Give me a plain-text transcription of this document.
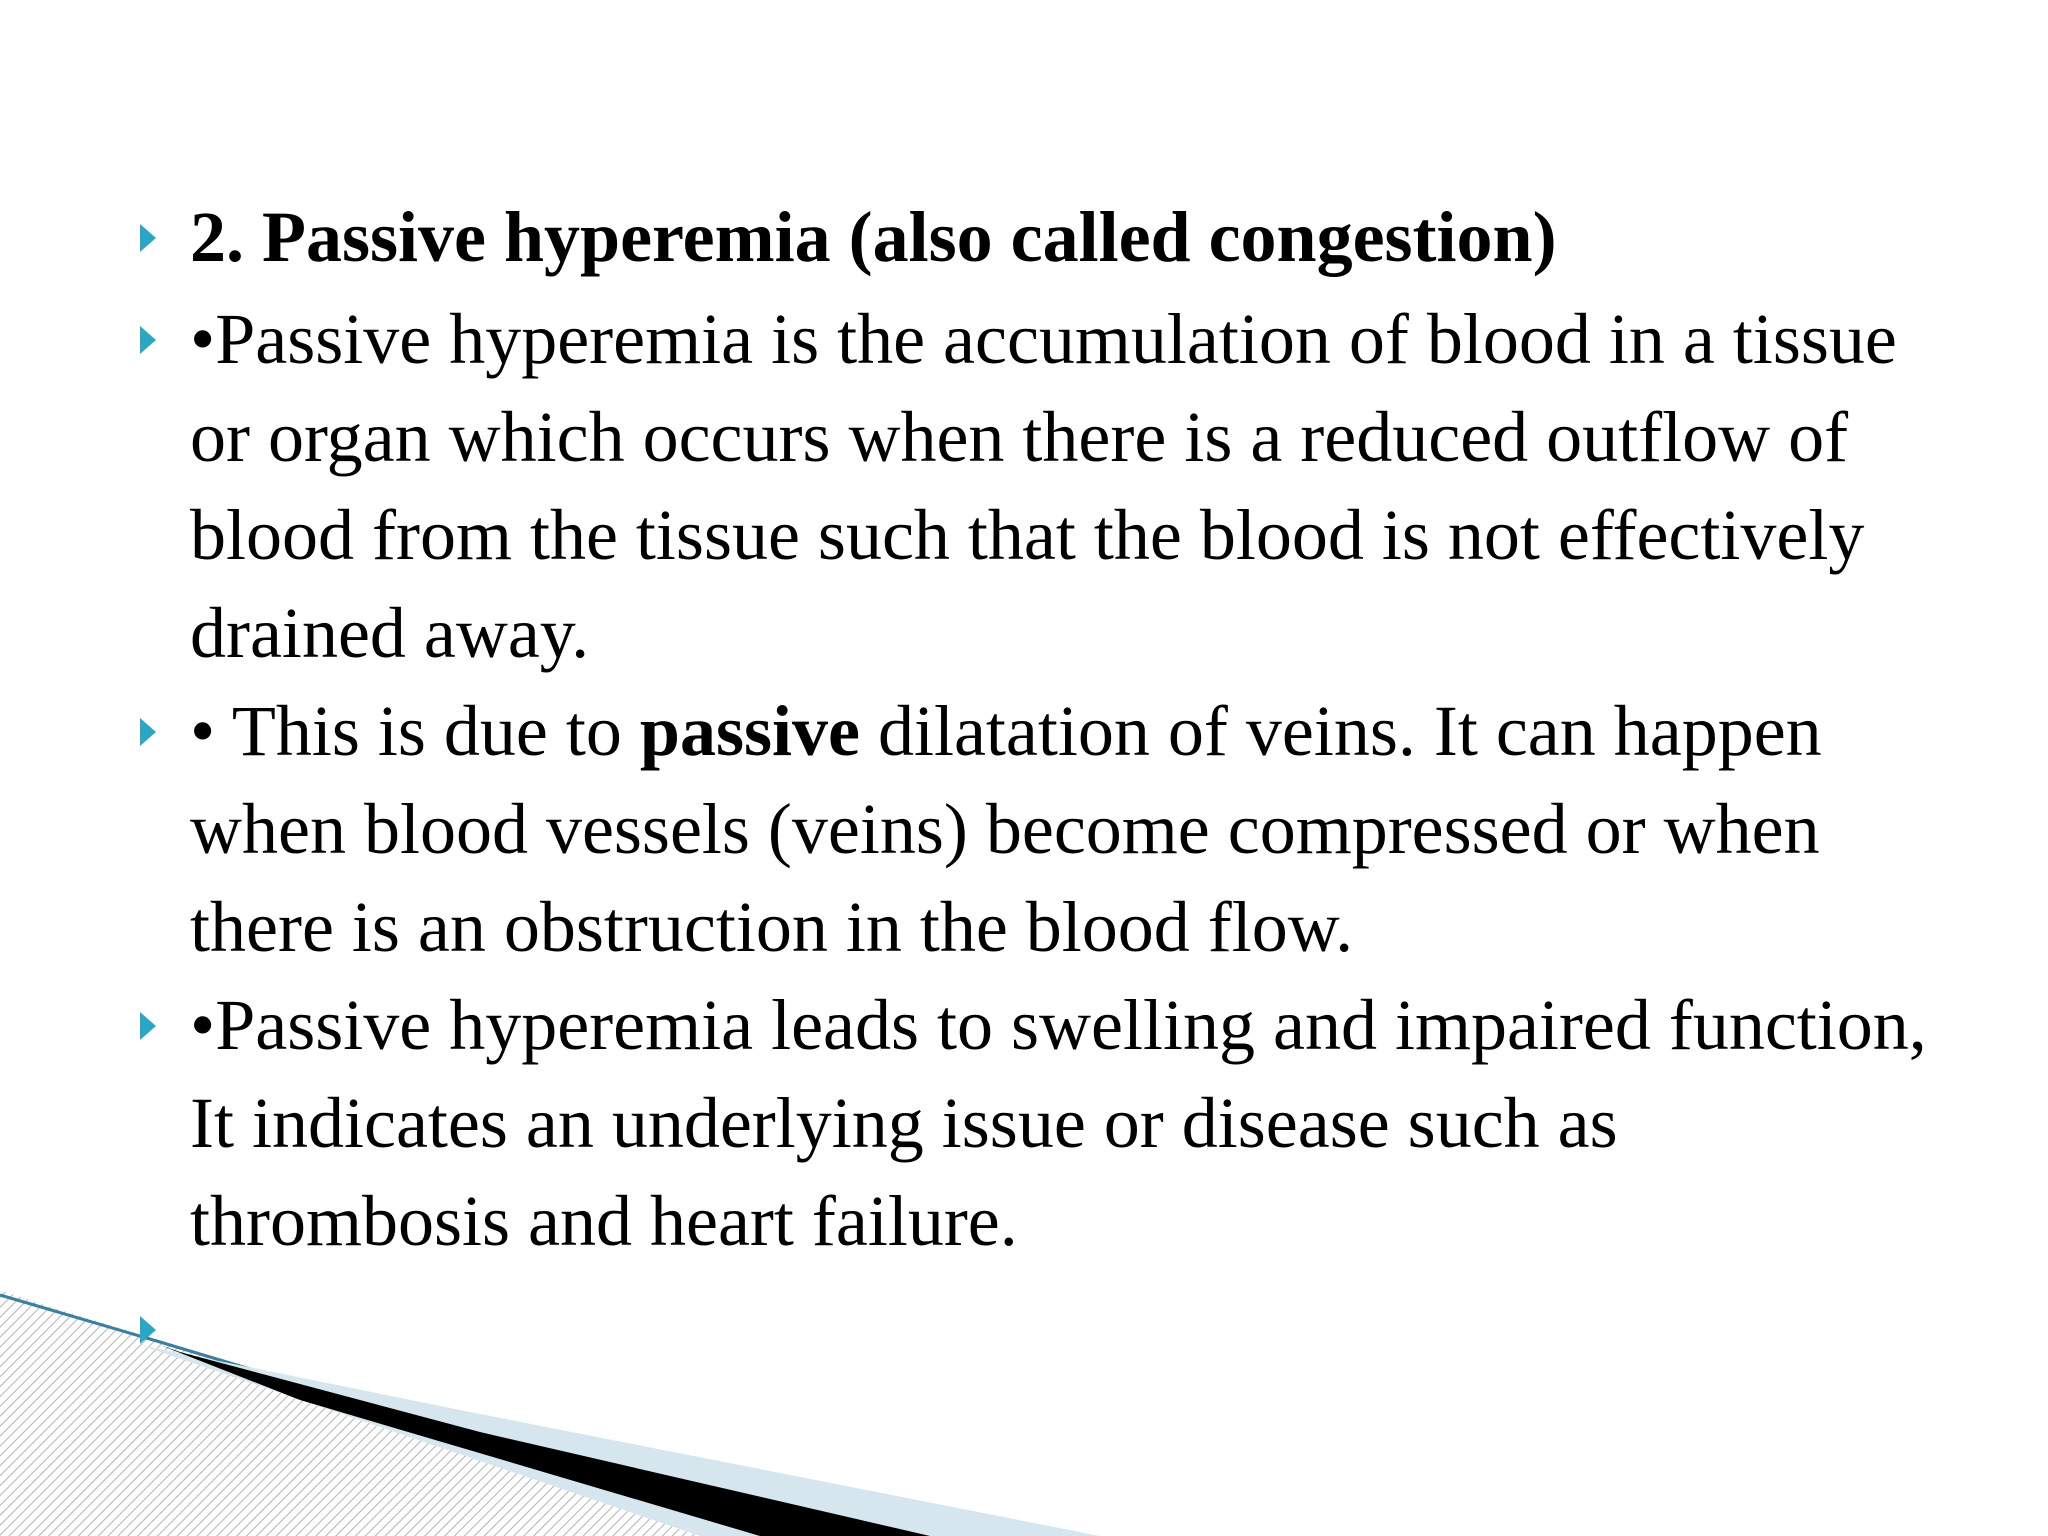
2. Passive hyperemia (also called congestion)

•Passive hyperemia is the accumulation of blood in a tissue or organ which occurs when there is a reduced outflow of blood from the tissue such that the blood is not effectively drained away.

• This is due to passive dilatation of veins. It can happen when blood vessels (veins) become compressed or when there is an obstruction in the blood flow.

•Passive hyperemia leads to swelling and impaired function, It indicates an underlying issue or disease such as thrombosis and heart failure.
